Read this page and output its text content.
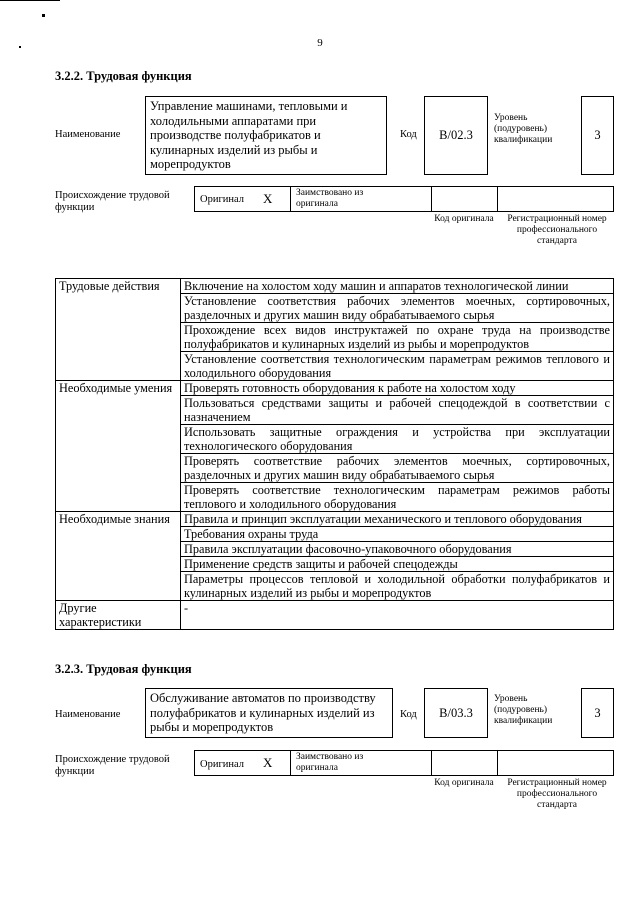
9
3.2.2. Трудовая функция
Наименование
Управление машинами, тепловыми и холодильными аппаратами при производстве полуфабрикатов и кулинарных изделий из рыбы и морепродуктов
Код	В/02.3
Уровень (подуровень) квалификации	3
Происхождение трудовой функции
Оригинал X Заимствовано из оригинала
Код оригинала	Регистрационный номер профессионального стандарта
Трудовые действия	Включение на холостом ходу машин и аппаратов технологической линии
	Установление соответствия рабочих элементов моечных, сортировочных, разделочных и других машин виду обрабатываемого сырья
	Прохождение всех видов инструктажей по охране труда на производстве полуфабрикатов и кулинарных изделий из рыбы и морепродуктов
	Установление соответствия технологическим параметрам режимов теплового и холодильного оборудования
Необходимые умения	Проверять готовность оборудования к работе на холостом ходу
	Пользоваться средствами защиты и рабочей спецодеждой в соответствии с назначением
	Использовать защитные ограждения и устройства при эксплуатации технологического оборудования
	Проверять соответствие рабочих элементов моечных, сортировочных, разделочных и других машин виду обрабатываемого сырья
	Проверять соответствие технологическим параметрам режимов работы теплового и холодильного оборудования
Необходимые знания	Правила и принцип эксплуатации механического и теплового оборудования
	Требования охраны труда
	Правила эксплуатации фасовочно-упаковочного оборудования
	Применение средств защиты и рабочей спецодежды
	Параметры процессов тепловой и холодильной обработки полуфабрикатов и кулинарных изделий из рыбы и морепродуктов
Другие характеристики	-
3.2.3. Трудовая функция
Наименование
Обслуживание автоматов по производству полуфабрикатов и кулинарных изделий из рыбы и морепродуктов
Код	В/03.3
Уровень (подуровень) квалификации
3
Происхождение трудовой функции
Оригинал X Заимствовано из оригинала
Код оригинала	Регистрационный номер профессионального стандарта
